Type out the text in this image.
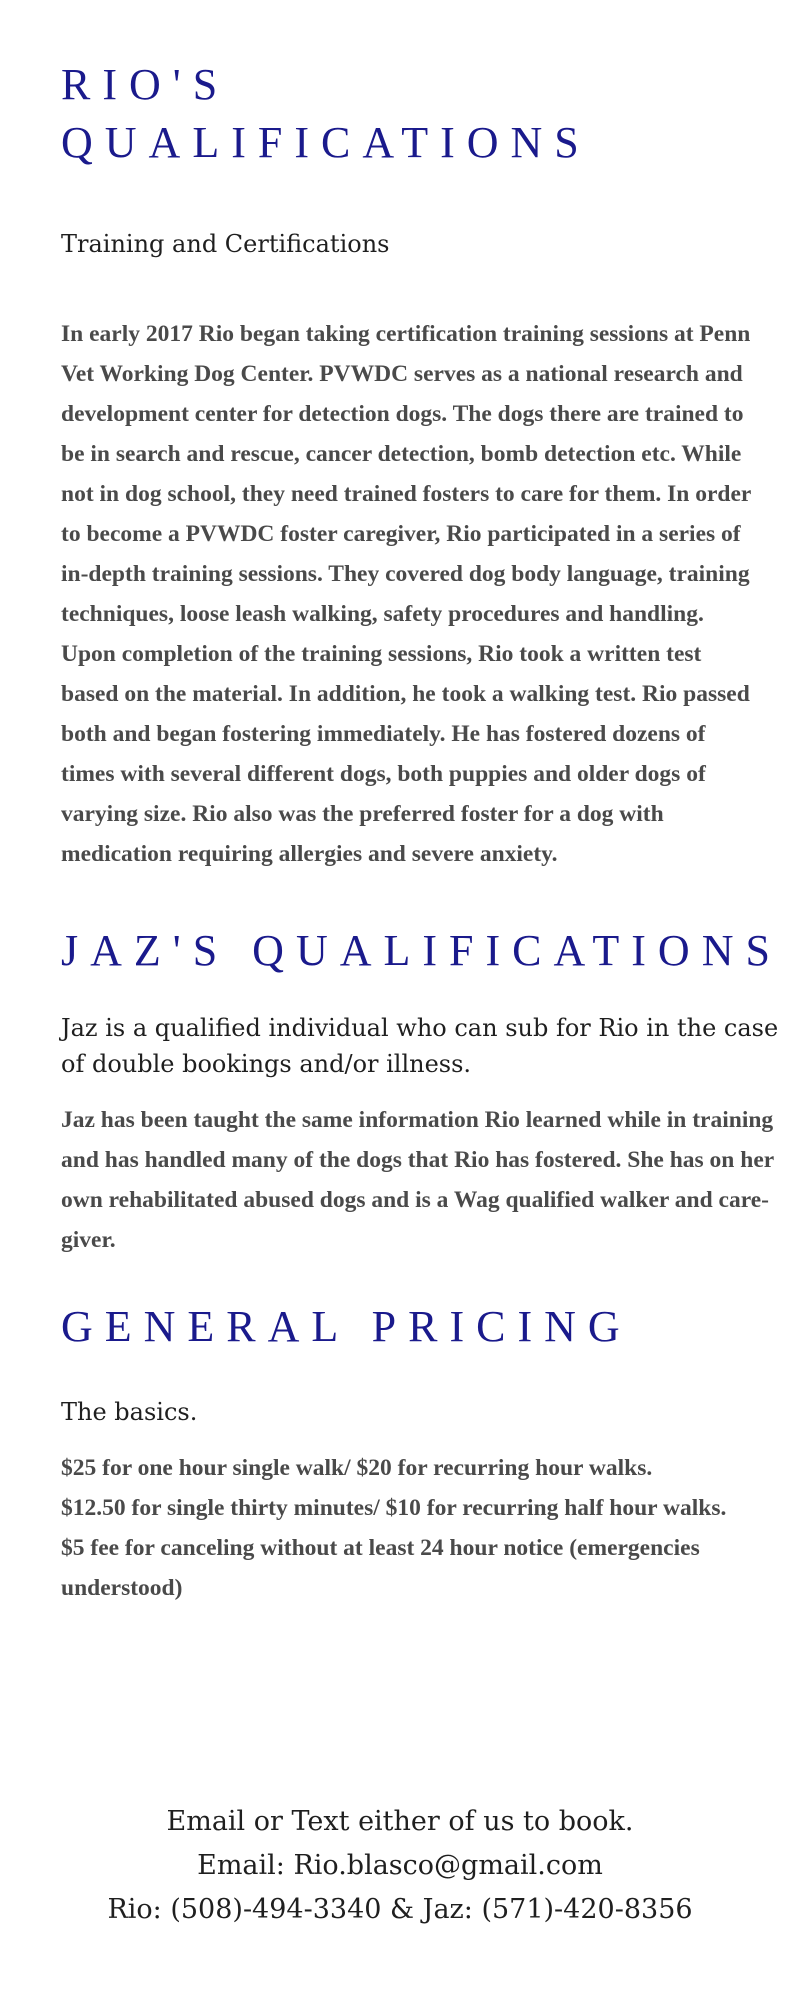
RIO'S QUALIFICATIONS

Training and Certifications

In early 2017 Rio began taking certification training sessions at Penn Vet Working Dog Center. PVWDC serves as a national research and development center for detection dogs. The dogs there are trained to be in search and rescue, cancer detection, bomb detection etc. While not in dog school, they need trained fosters to care for them. In order to become a PVWDC foster caregiver, Rio participated in a series of in-depth training sessions. They covered dog body language, training techniques, loose leash walking, safety procedures and handling. Upon completion of the training sessions, Rio took a written test based on the material. In addition, he took a walking test. Rio passed both and began fostering immediately. He has fostered dozens of times with several different dogs, both puppies and older dogs of varying size. Rio also was the preferred foster for a dog with medication requiring allergies and severe anxiety.

JAZ'S QUALIFICATIONS

Jaz is a qualified individual who can sub for Rio in the case of double bookings and/or illness.

Jaz has been taught the same information Rio learned while in training and has handled many of the dogs that Rio has fostered. She has on her own rehabilitated abused dogs and is a Wag qualified walker and care-giver.

GENERAL PRICING

The basics.

$25 for one hour single walk/ $20 for recurring hour walks.
$12.50 for single thirty minutes/ $10 for recurring half hour walks.
$5 fee for canceling without at least 24 hour notice (emergencies understood)
Email or Text either of us to book.
Email: Rio.blasco@gmail.com
Rio: (508)-494-3340 & Jaz: (571)-420-8356
